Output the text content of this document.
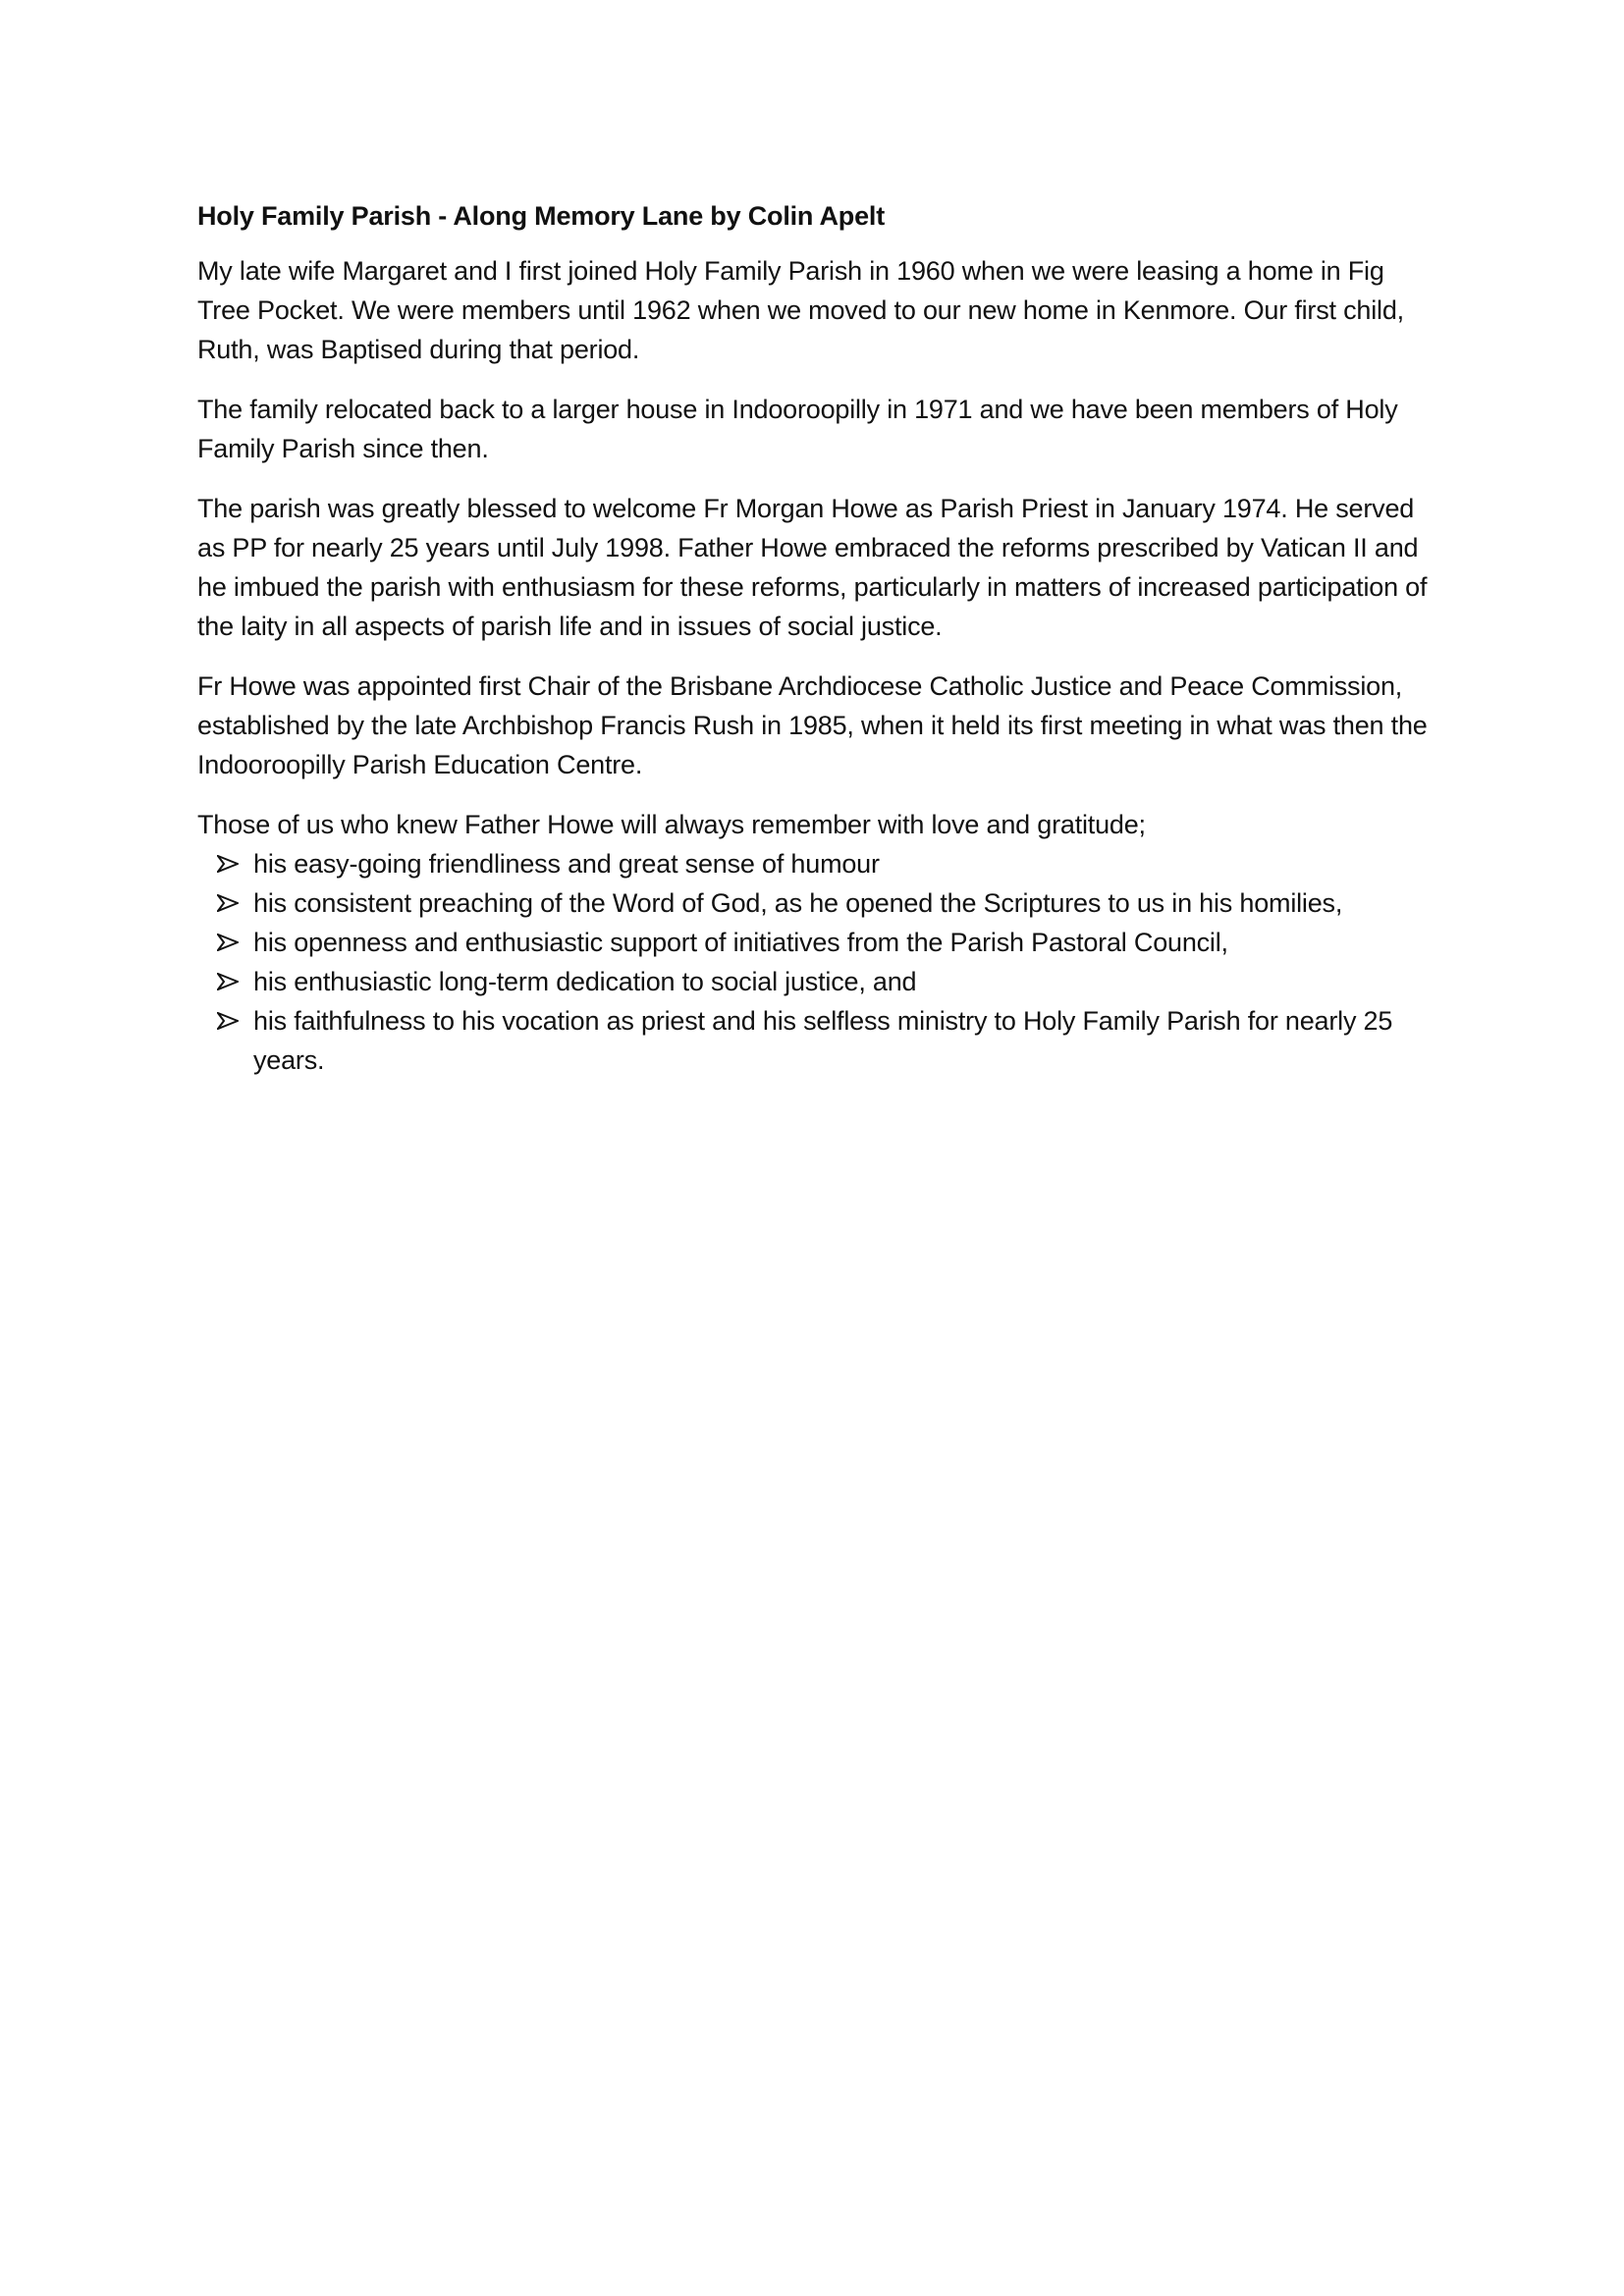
Holy Family Parish - Along Memory Lane by Colin Apelt

My late wife Margaret and I first joined Holy Family Parish in 1960 when we were leasing a home in Fig Tree Pocket. We were members until 1962 when we moved to our new home in Kenmore. Our first child, Ruth, was Baptised during that period.

The family relocated back to a larger house in Indooroopilly in 1971 and we have been members of Holy Family Parish since then.

The parish was greatly blessed to welcome Fr Morgan Howe as Parish Priest in January 1974. He served as PP for nearly 25 years until July 1998. Father Howe embraced the reforms prescribed by Vatican II and he imbued the parish with enthusiasm for these reforms, particularly in matters of increased participation of the laity in all aspects of parish life and in issues of social justice.

Fr Howe was appointed first Chair of the Brisbane Archdiocese Catholic Justice and Peace Commission, established by the late Archbishop Francis Rush in 1985, when it held its first meeting in what was then the Indooroopilly Parish Education Centre.

Those of us who knew Father Howe will always remember with love and gratitude;

his easy-going friendliness and great sense of humour
his consistent preaching of the Word of God, as he opened the Scriptures to us in his homilies,
his openness and enthusiastic support of initiatives from the Parish Pastoral Council,
his enthusiastic long-term dedication to social justice, and
his faithfulness to his vocation as priest and his selfless ministry to Holy Family Parish for nearly 25 years.
